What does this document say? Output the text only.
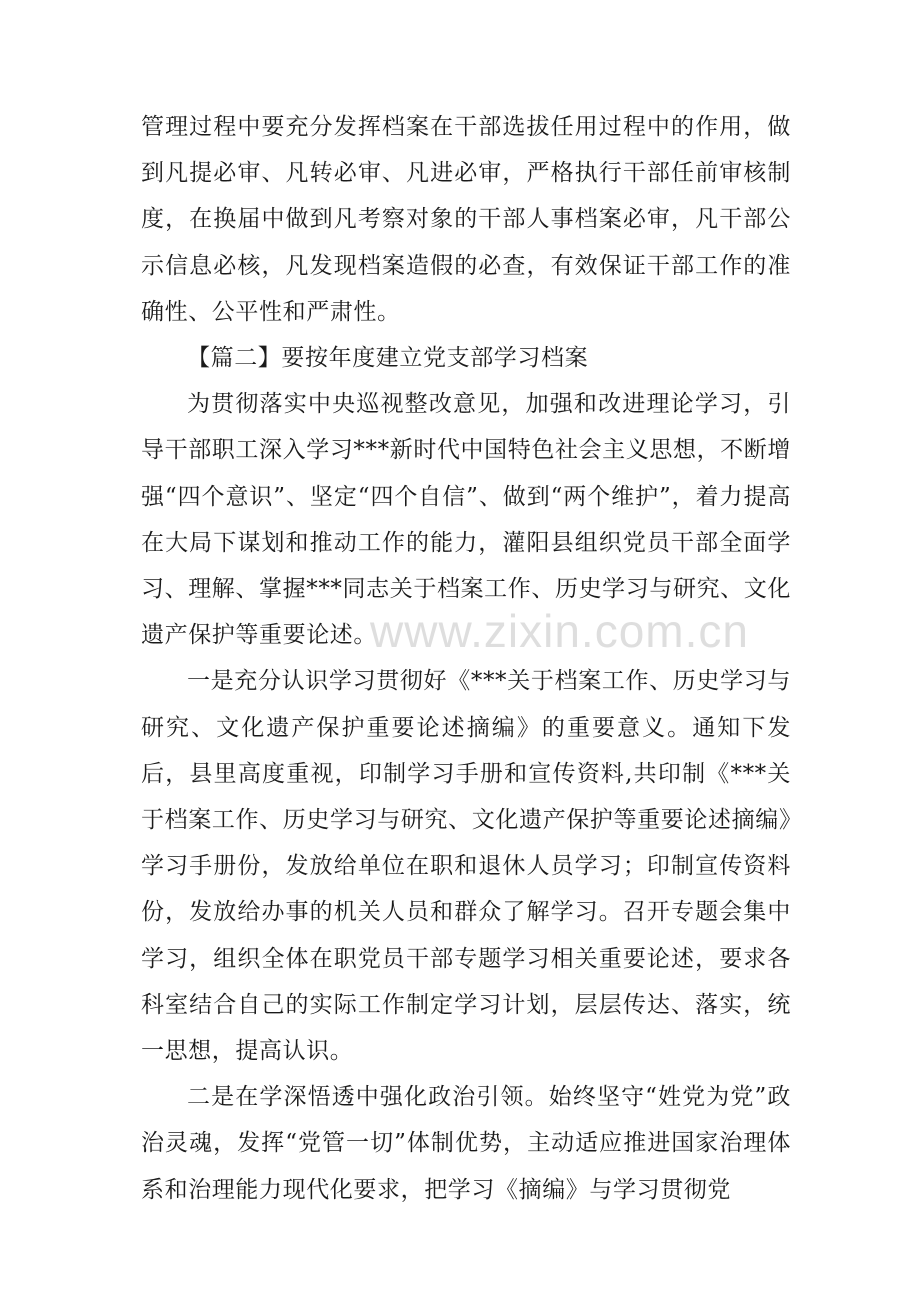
管理过程中要充分发挥档案在干部选拔任用过程中的作用，做到凡提必审、凡转必审、凡进必审，严格执行干部任前审核制度，在换届中做到凡考察对象的干部人事档案必审，凡干部公示信息必核，凡发现档案造假的必查，有效保证干部工作的准确性、公平性和严肃性。

【篇二】要按年度建立党支部学习档案

为贯彻落实中央巡视整改意见，加强和改进理论学习，引导干部职工深入学习***新时代中国特色社会主义思想，不断增强“四个意识”、坚定“四个自信”、做到“两个维护”，着力提高在大局下谋划和推动工作的能力，灌阳县组织党员干部全面学习、理解、掌握***同志关于档案工作、历史学习与研究、文化遗产保护等重要论述。

一是充分认识学习贯彻好《***关于档案工作、历史学习与研究、文化遗产保护重要论述摘编》的重要意义。通知下发后，县里高度重视，印制学习手册和宣传资料,共印制《***关于档案工作、历史学习与研究、文化遗产保护等重要论述摘编》学习手册份，发放给单位在职和退休人员学习；印制宣传资料份，发放给办事的机关人员和群众了解学习。召开专题会集中学习，组织全体在职党员干部专题学习相关重要论述，要求各科室结合自己的实际工作制定学习计划，层层传达、落实，统一思想，提高认识。

二是在学深悟透中强化政治引领。始终坚守“姓党为党”政治灵魂，发挥“党管一切”体制优势，主动适应推进国家治理体系和治理能力现代化要求，把学习《摘编》与学习贯彻党

www.zixin.com.cn
